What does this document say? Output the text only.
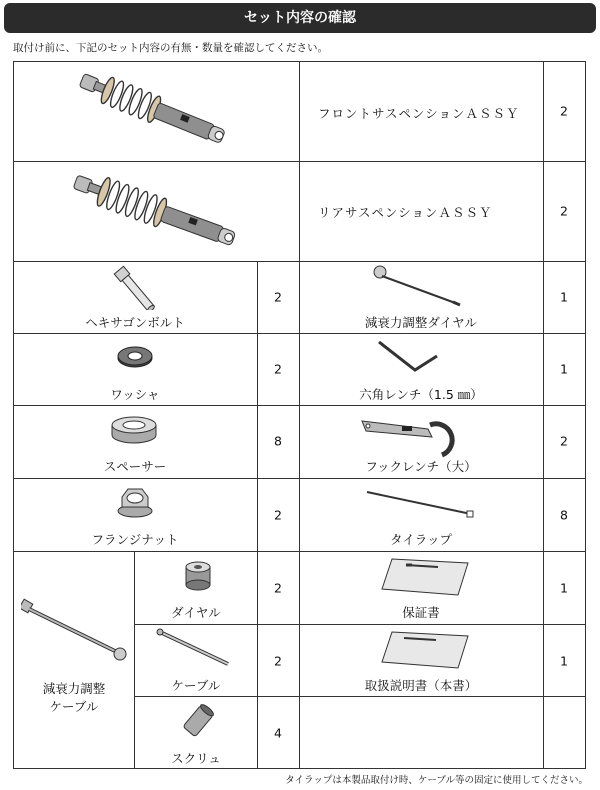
セット内容の確認
取付け前に、下記のセット内容の有無・数量を確認してください。
フロントサスペンションＡＳＳＹ	2
リアサスペンションＡＳＳＹ	2
ヘキサゴンボルト
2
減衰力調整ダイヤル
1
ワッシャ
2
六角レンチ（1.5 ㎜）
1
スペーサー
8
フックレンチ（大）
2
フランジナット
2
タイラップ
8
減衰力調整
ケーブル
ダイヤル
2
ケーブル
2
スクリュ
4
保証書
1
取扱説明書（本書）
1
タイラップは本製品取付け時、ケーブル等の固定に使用してください。
